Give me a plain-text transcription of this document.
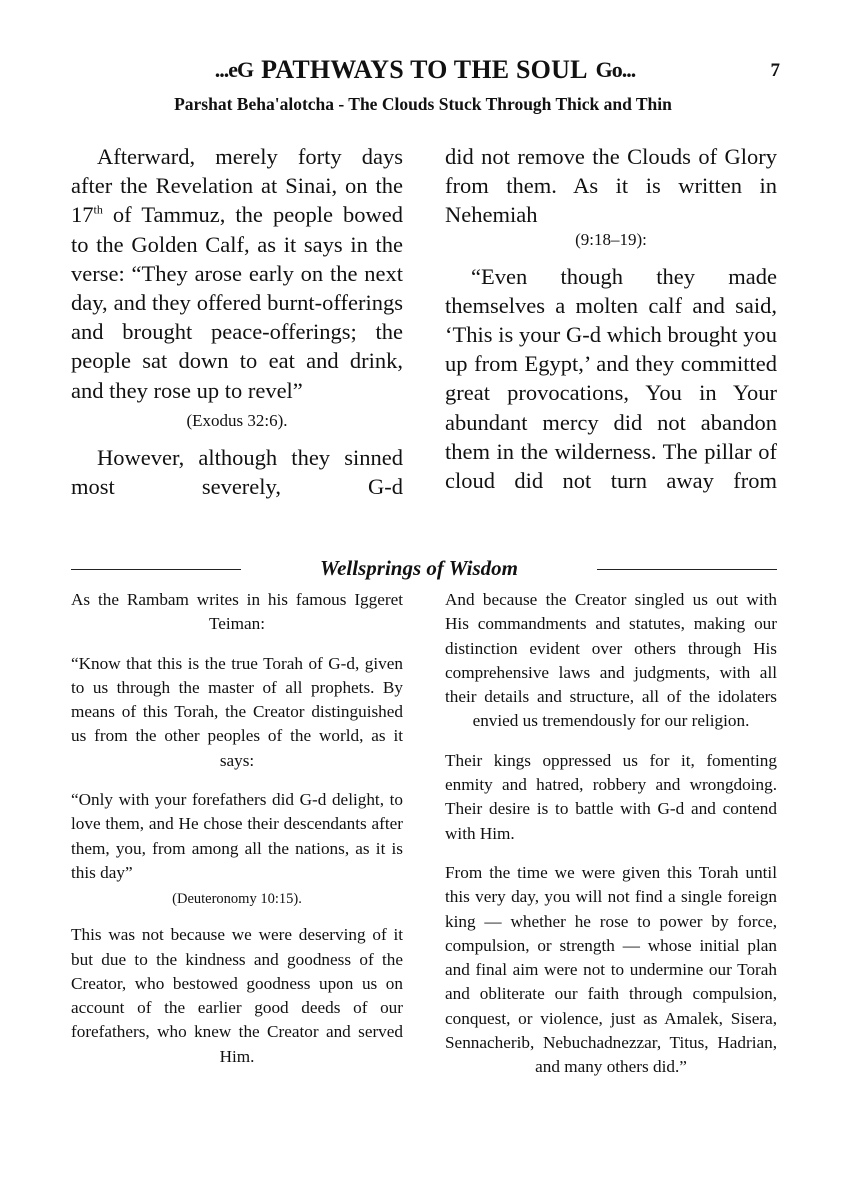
...eG PATHWAYS TO THE SOUL Go...	7
Parshat Beha'alotcha - The Clouds Stuck Through Thick and Thin

Afterward, merely forty days after the Revelation at Sinai, on the 17th of Tammuz, the people bowed to the Golden Calf, as it says in the verse: “They arose early on the next day, and they offered burnt-offerings and brought peace-offerings; the people sat down to eat and drink, and they rose up to revel”

(Exodus 32:6).

However, although they sinned most severely, G-d

did not remove the Clouds of Glory from them. As it is written in Nehemiah

(9:18–19):

“Even though they made themselves a molten calf and said, ‘This is your G-d which brought you up from Egypt,’ and they committed great provocations, You in Your abundant mercy did not abandon them in the wilderness. The pillar of cloud did not turn away from

Wellsprings of Wisdom

As the Rambam writes in his famous Iggeret Teiman:

“Know that this is the true Torah of G-d, given to us through the master of all prophets. By means of this Torah, the Creator distinguished us from the other peoples of the world, as it says:

“Only with your forefathers did G-d delight, to love them, and He chose their descendants after them, you, from among all the nations, as it is this day”

(Deuteronomy 10:15).

This was not because we were deserving of it but due to the kindness and goodness of the Creator, who bestowed goodness upon us on account of the earlier good deeds of our forefathers, who knew the Creator and served Him.

And because the Creator singled us out with His commandments and statutes, making our distinction evident over others through His comprehensive laws and judgments, with all their details and structure, all of the idolaters envied us tremendously for our religion.

Their kings oppressed us for it, fomenting enmity and hatred, robbery and wrongdoing. Their desire is to battle with G-d and contend with Him.

From the time we were given this Torah until this very day, you will not find a single foreign king — whether he rose to power by force, compulsion, or strength — whose initial plan and final aim were not to undermine our Torah and obliterate our faith through compulsion, conquest, or violence, just as Amalek, Sisera, Sennacherib, Nebuchadnezzar, Titus, Hadrian, and many others did.”
